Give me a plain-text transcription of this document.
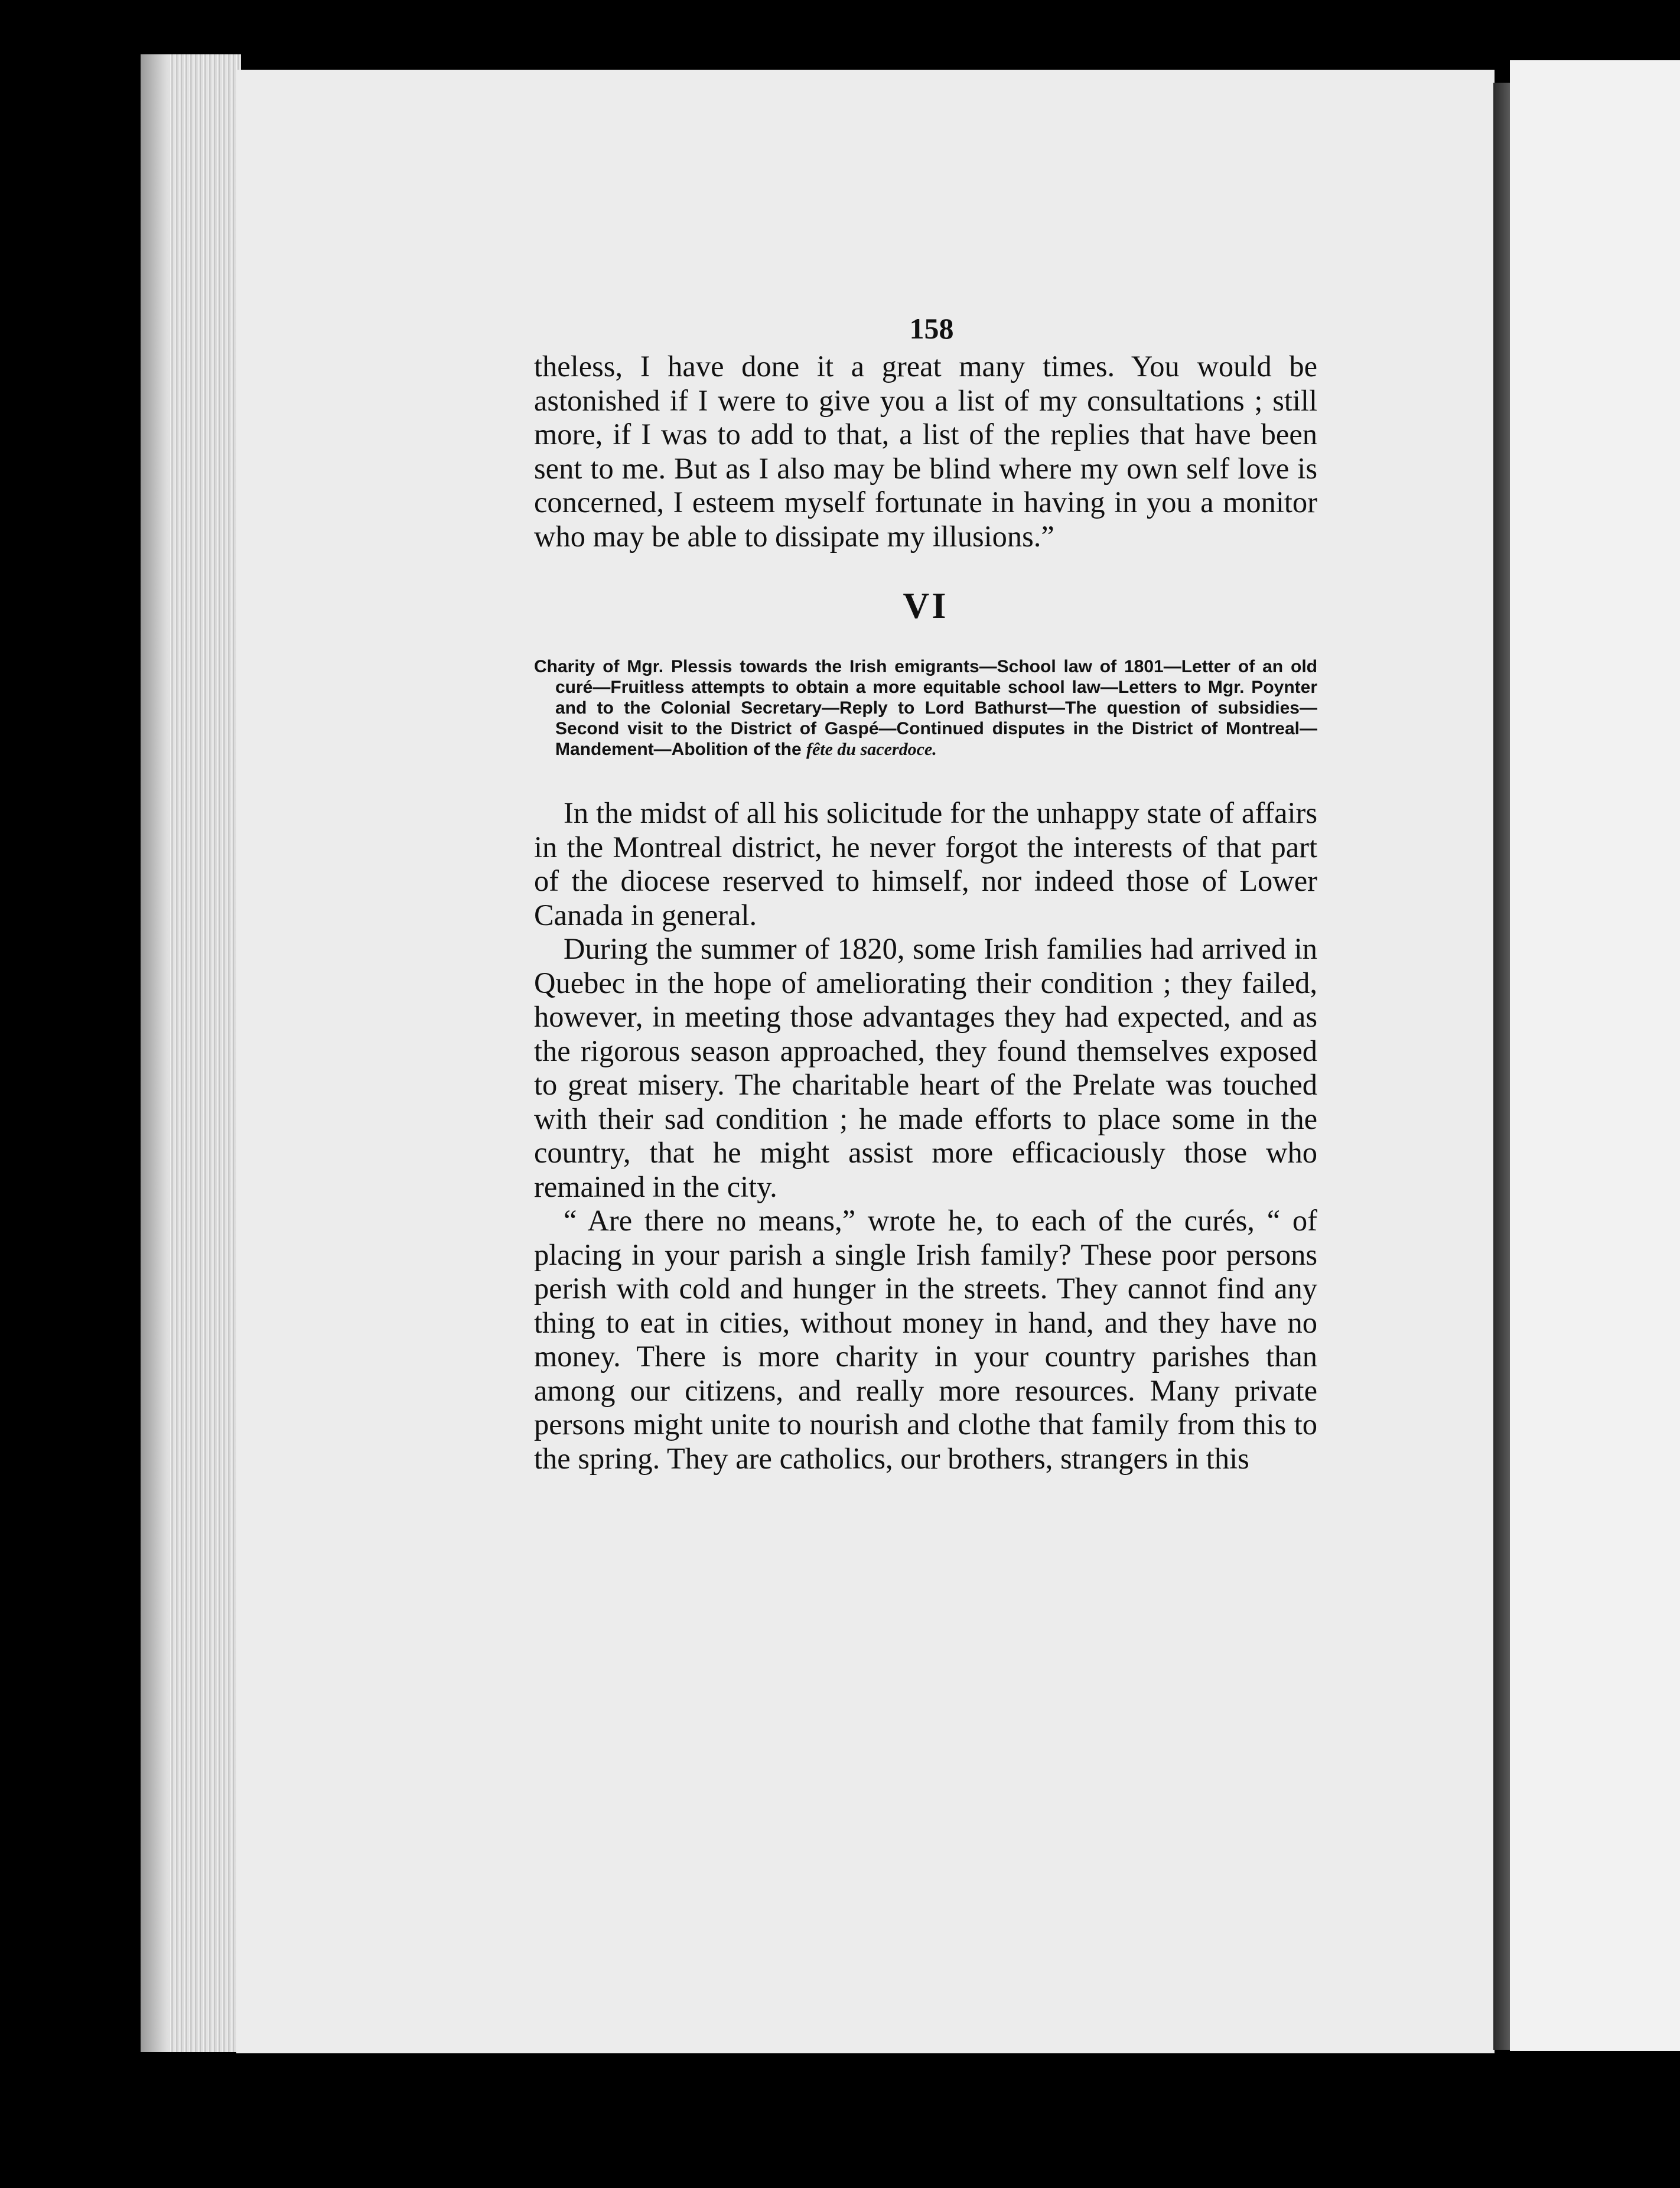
158

theless, I have done it a great many times. You would be astonished if I were to give you a list of my consultations ; still more, if I was to add to that, a list of the replies that have been sent to me. But as I also may be blind where my own self love is concerned, I esteem myself fortunate in having in you a monitor who may be able to dissipate my illusions.”

VI

Charity of Mgr. Plessis towards the Irish emigrants—School law of 1801—Letter of an old curé—Fruitless attempts to obtain a more equitable school law—Letters to Mgr. Poynter and to the Colonial Secretary—Reply to Lord Bathurst—The question of subsidies—Second visit to the District of Gaspé—Continued disputes in the District of Montreal—Mandement—Abolition of the fête du sacerdoce.

In the midst of all his solicitude for the unhappy state of affairs in the Montreal district, he never forgot the interests of that part of the diocese reserved to himself, nor indeed those of Lower Canada in general.

During the summer of 1820, some Irish families had arrived in Quebec in the hope of ameliorating their condition ; they failed, however, in meeting those advantages they had expected, and as the rigorous season approached, they found themselves exposed to great misery. The charitable heart of the Prelate was touched with their sad condition ; he made efforts to place some in the country, that he might assist more efficaciously those who remained in the city.

“ Are there no means,” wrote he, to each of the curés, “ of placing in your parish a single Irish family? These poor persons perish with cold and hunger in the streets. They cannot find any thing to eat in cities, without money in hand, and they have no money. There is more charity in your country parishes than among our citizens, and really more resources. Many private persons might unite to nourish and clothe that family from this to the spring. They are catholics, our brothers, strangers in this
